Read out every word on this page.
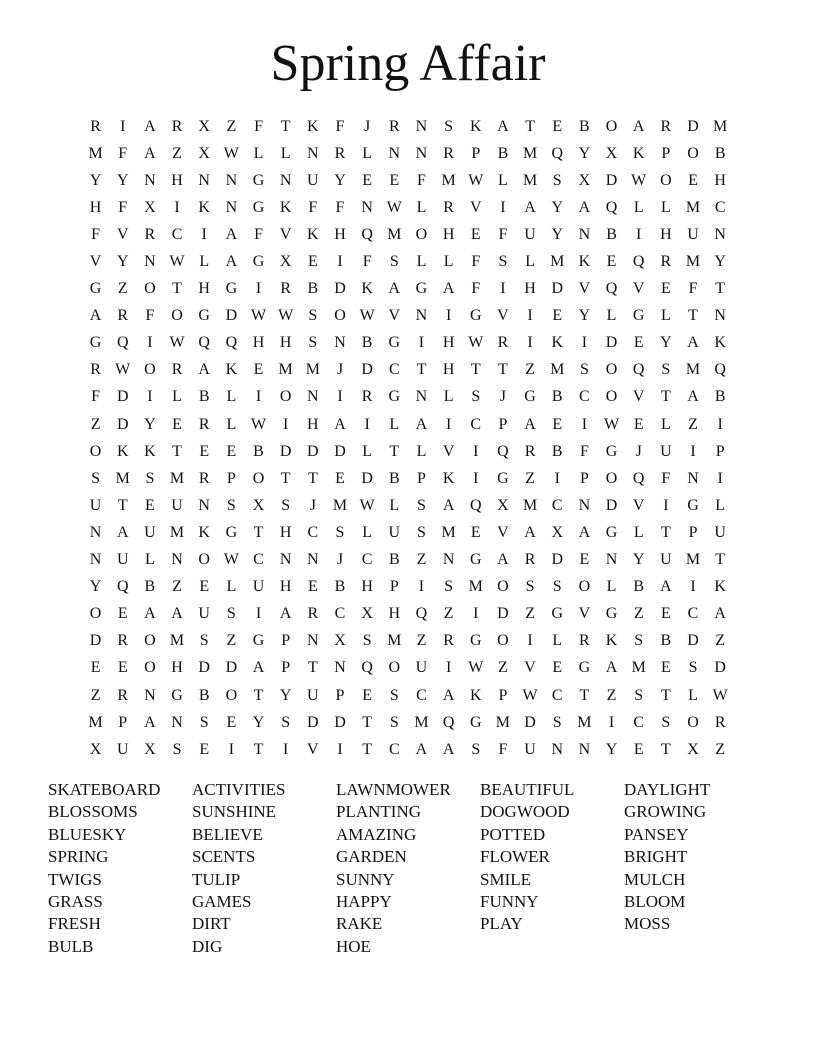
Spring Affair
R	I	A	R	X	Z	F	T	K	F	J	R	N	S	K A	T	E	B	O A	R	D M
M F	A	Z	X W L	L	N	R	L	N N	R	P	B M Q Y X K	P	O	B
Y Y N H N N G N U Y	E	E	F M W L M S	X D W O	E	H
H	F	X	I	K N G K	F	F	N W L	R	V	I	A Y A Q	L	L M C
F	V	R	C	I	A	F	V K H Q M O H	E	F	U Y N	B	I	H U N
V Y N W L	A G X	E	I	F	S	L	L	F	S	L M K	E	Q	R M Y
G	Z	O	T	H G	I	R	B	D K A G A	F	I	H D V Q V	E	F	T
A	R	F	O G D W W S	O W V N	I	G V	I	E	Y	L	G	L	T	N
G Q	I	W Q Q H H	S	N	B	G	I	H W R	I	K	I	D	E	Y A K
R W O	R	A K	E M M	J	D	C	T	H	T	T	Z M S	O Q	S M Q
F	D	I	L	B	L	I	O N	I	R	G N	L	S	J	G	B	C	O V	T	A	B
Z	D Y	E	R	L W	I	H A	I	L	A	I	C	P	A	E	I	W E	L	Z	I
O K K	T	E	E	B	D D D	L	T	L	V	I	Q	R	B	F	G	J	U	I	P
S M S M R	P	O	T	T	E	D	B	P	K	I	G	Z	I	P	O Q	F	N	I
U	T	E	U N	S	X	S	J	M W L	S	A Q X M C	N D V	I	G	L
N A U M K G	T	H	C	S	L	U	S M E	V A X A G	L	T	P	U
N U	L	N O W C	N N	J	C	B	Z	N G A	R	D	E	N Y U M T
Y Q	B	Z	E	L	U H	E	B	H	P	I	S M O	S	S	O	L	B	A	I	K
O	E	A A U	S	I	A	R	C	X H Q	Z	I	D	Z	G V G	Z	E	C	A
D	R	O M S	Z	G	P	N X	S M Z	R	G O	I	L	R	K	S	B	D	Z
E	E	O H D D A	P	T	N Q O U	I	W Z	V	E	G A M E	S	D
Z	R	N G	B	O	T	Y U	P	E	S	C	A K	P W C	T	Z	S	T	L W
M P	A N	S	E	Y	S	D D	T	S M Q G M D	S M	I	C	S	O	R
X U X	S	E	I	T	I	V	I	T	C	A A	S	F	U N N Y	E	T	X	Z
SKATEBOARD
BLOSSOMS
BLUESKY
SPRING
TWIGS
GRASS
FRESH
BULB
ACTIVITIES
SUNSHINE
BELIEVE
SCENTS
TULIP
GAMES
DIRT
DIG
LAWNMOWER
PLANTING
AMAZING
GARDEN
SUNNY
HAPPY
RAKE
HOE
BEAUTIFUL
DOGWOOD
POTTED
FLOWER
SMILE
FUNNY
PLAY
DAYLIGHT
GROWING
PANSEY
BRIGHT
MULCH
BLOOM
MOSS
